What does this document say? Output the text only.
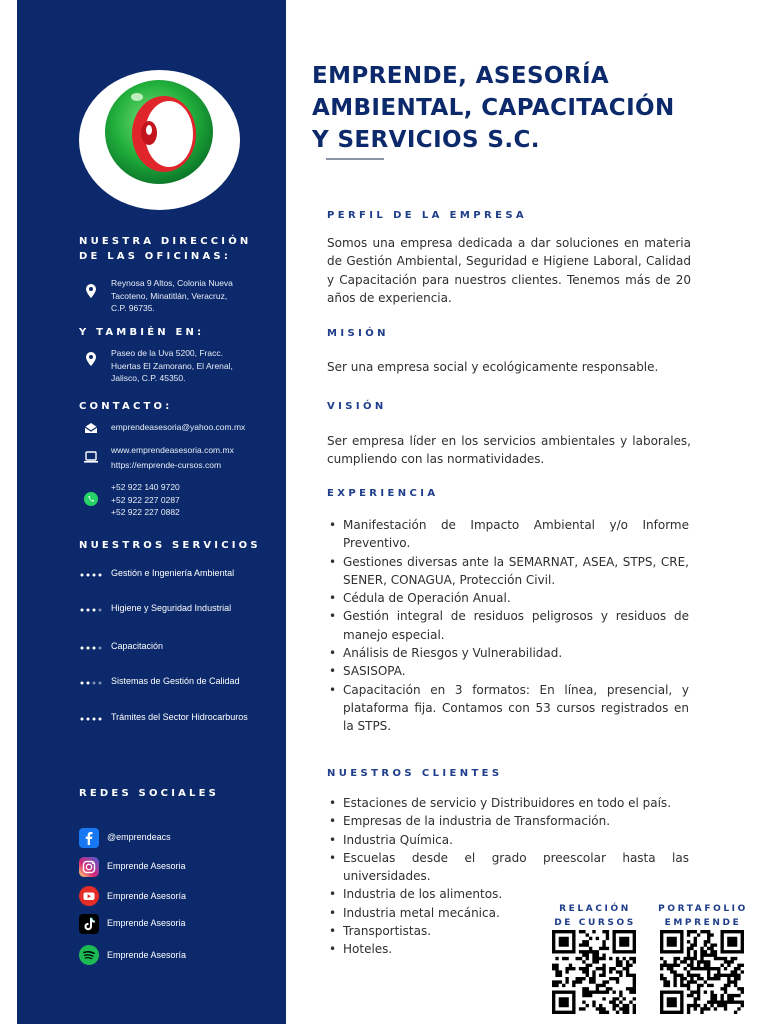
NUESTRA DIRECCIÓN
DE LAS OFICINAS:
Reynosa 9 Altos, Colonia Nueva
Tacoteno, Minatitlán, Veracruz,
C.P. 96735.
Y TAMBIÉN EN:
Paseo de la Uva 5200, Fracc.
Huertas El Zamorano, El Arenal,
Jalisco, C.P. 45350.
CONTACTO:
emprendeasesoria@yahoo.com.mx
www.emprendeasesoria.com.mx
https://emprende-cursos.com
+52 922 140 9720
+52 922 227 0287
+52 922 227 0882
NUESTROS SERVICIOS
Gestión e Ingeniería Ambiental
Higiene y Seguridad Industrial
Capacitación
Sistemas de Gestión de Calidad
Trámites del Sector Hidrocarburos
REDES SOCIALES
@emprendeacs
Emprende Asesoria
Emprende Asesoría
Emprende Asesoria
Emprende Asesoría
EMPRENDE, ASESORÍA
AMBIENTAL, CAPACITACIÓN
Y SERVICIOS S.C.
PERFIL DE LA EMPRESA

Somos una empresa dedicada a dar soluciones en materia de Gestión Ambiental, Seguridad e Higiene Laboral, Calidad y Capacitación para nuestros clientes. Tenemos más de 20 años de experiencia.

MISIÓN

Ser una empresa social y ecológicamente responsable.

VISIÓN

Ser empresa líder en los servicios ambientales y laborales, cumpliendo con las normatividades.

EXPERIENCIA
• Manifestación de Impacto Ambiental y/o Informe Preventivo.
• Gestiones diversas ante la SEMARNAT, ASEA, STPS, CRE, SENER, CONAGUA, Protección Civil.
• Cédula de Operación Anual.
• Gestión integral de residuos peligrosos y residuos de manejo especial.
• Análisis de Riesgos y Vulnerabilidad.
• SASISOPA.
• Capacitación en 3 formatos: En línea, presencial, y plataforma fija. Contamos con 53 cursos registrados en la STPS.
NUESTROS CLIENTES
• Estaciones de servicio y Distribuidores en todo el país.
• Empresas de la industria de Transformación.
• Industria Química.
• Escuelas desde el grado preescolar hasta las universidades.
• Industria de los alimentos.
• Industria metal mecánica.
• Transportistas.
• Hoteles.
RELACIÓN
DE CURSOS
PORTAFOLIO
EMPRENDE
